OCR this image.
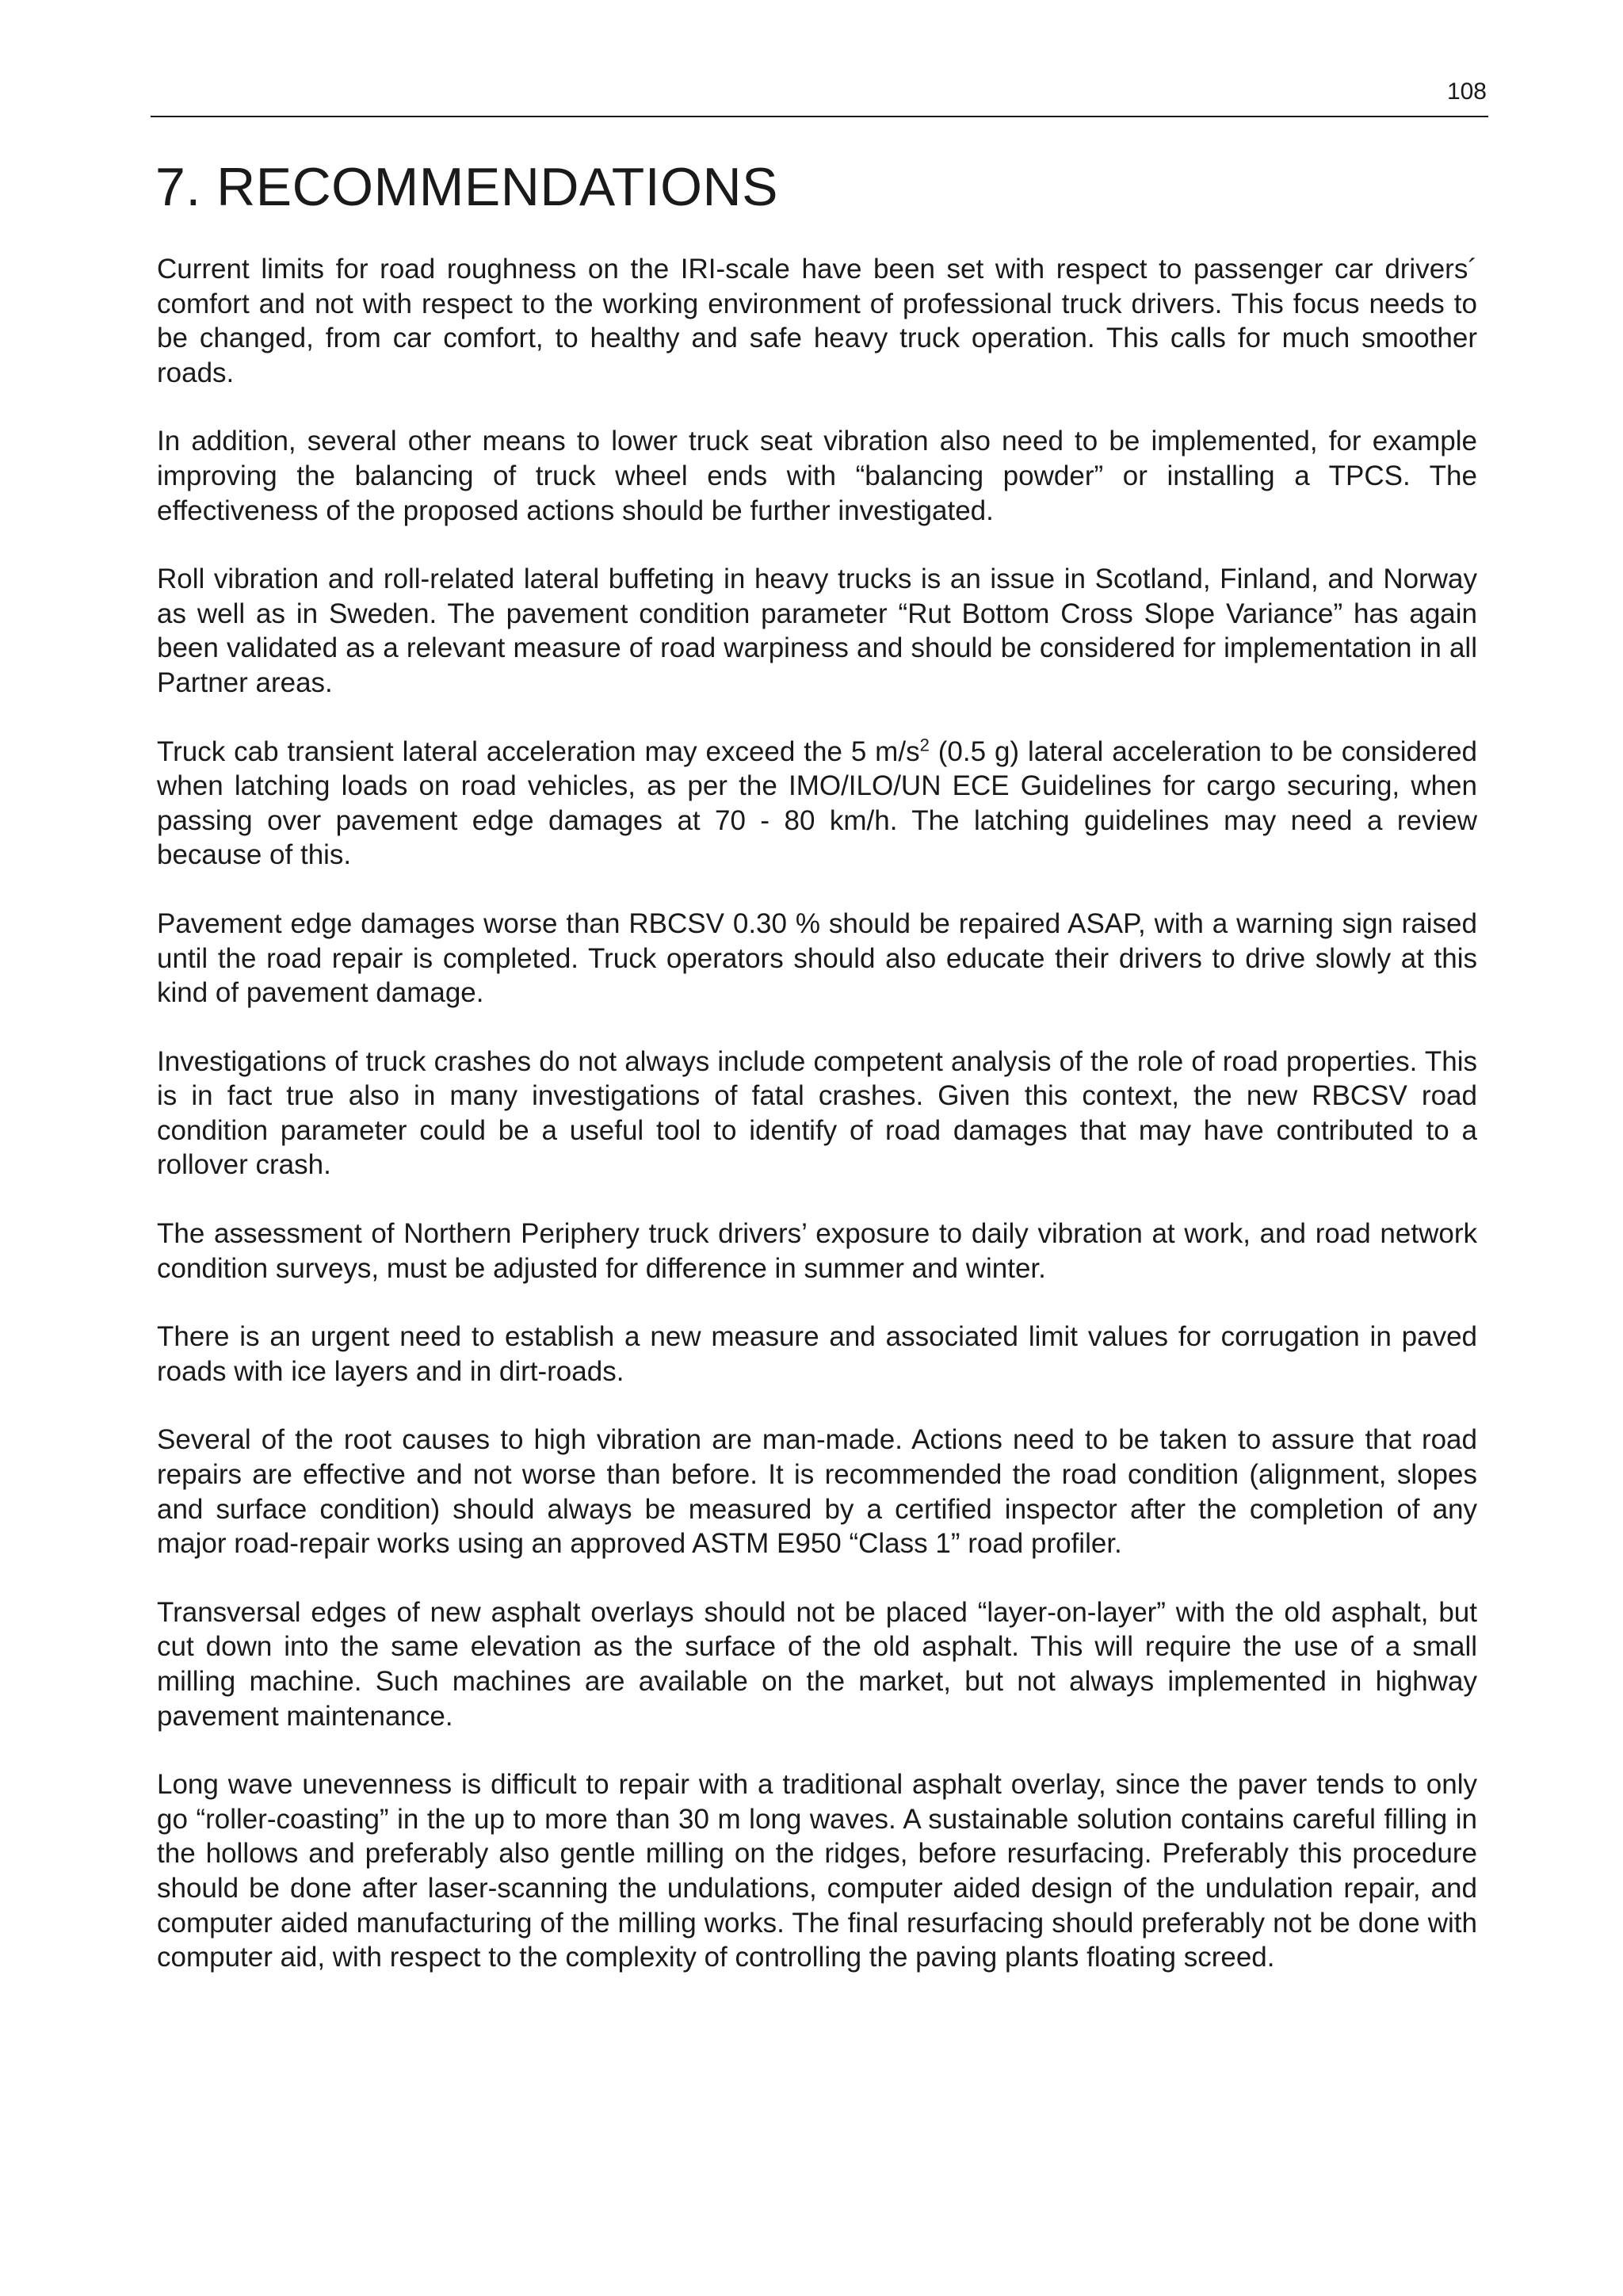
108
7. RECOMMENDATIONS

Current limits for road roughness on the IRI-scale have been set with respect to passenger car drivers´ comfort and not with respect to the working environment of professional truck drivers. This focus needs to be changed, from car comfort, to healthy and safe heavy truck operation. This calls for much smoother roads.

In addition, several other means to lower truck seat vibration also need to be implemented, for example improving the balancing of truck wheel ends with “balancing powder” or installing a TPCS. The effectiveness of the proposed actions should be further investigated.

Roll vibration and roll-related lateral buffeting in heavy trucks is an issue in Scotland, Finland, and Norway as well as in Sweden. The pavement condition parameter “Rut Bottom Cross Slope Variance” has again been validated as a relevant measure of road warpiness and should be considered for implementation in all Partner areas.

Truck cab transient lateral acceleration may exceed the 5 $m/s^2$ (0.5 g) lateral acceleration to be considered when latching loads on road vehicles, as per the IMO/ILO/UN ECE Guidelines for cargo securing, when passing over pavement edge damages at 70 - 80 km/h. The latching guidelines may need a review because of this.

Pavement edge damages worse than RBCSV 0.30 % should be repaired ASAP, with a warning sign raised until the road repair is completed. Truck operators should also educate their drivers to drive slowly at this kind of pavement damage.

Investigations of truck crashes do not always include competent analysis of the role of road properties. This is in fact true also in many investigations of fatal crashes. Given this context, the new RBCSV road condition parameter could be a useful tool to identify of road damages that may have contributed to a rollover crash.

The assessment of Northern Periphery truck drivers’ exposure to daily vibration at work, and road network condition surveys, must be adjusted for difference in summer and winter.

There is an urgent need to establish a new measure and associated limit values for corrugation in paved roads with ice layers and in dirt-roads.

Several of the root causes to high vibration are man-made. Actions need to be taken to assure that road repairs are effective and not worse than before. It is recommended the road condition (alignment, slopes and surface condition) should always be measured by a certified inspector after the completion of any major road-repair works using an approved ASTM E950 “Class 1” road profiler.

Transversal edges of new asphalt overlays should not be placed “layer-on-layer” with the old asphalt, but cut down into the same elevation as the surface of the old asphalt. This will require the use of a small milling machine. Such machines are available on the market, but not always implemented in highway pavement maintenance.

Long wave unevenness is difficult to repair with a traditional asphalt overlay, since the paver tends to only go “roller-coasting” in the up to more than 30 m long waves. A sustainable solution contains careful filling in the hollows and preferably also gentle milling on the ridges, before resurfacing. Preferably this procedure should be done after laser-scanning the undulations, computer aided design of the undulation repair, and computer aided manufacturing of the milling works. The final resurfacing should preferably not be done with computer aid, with respect to the complexity of controlling the paving plants floating screed.
